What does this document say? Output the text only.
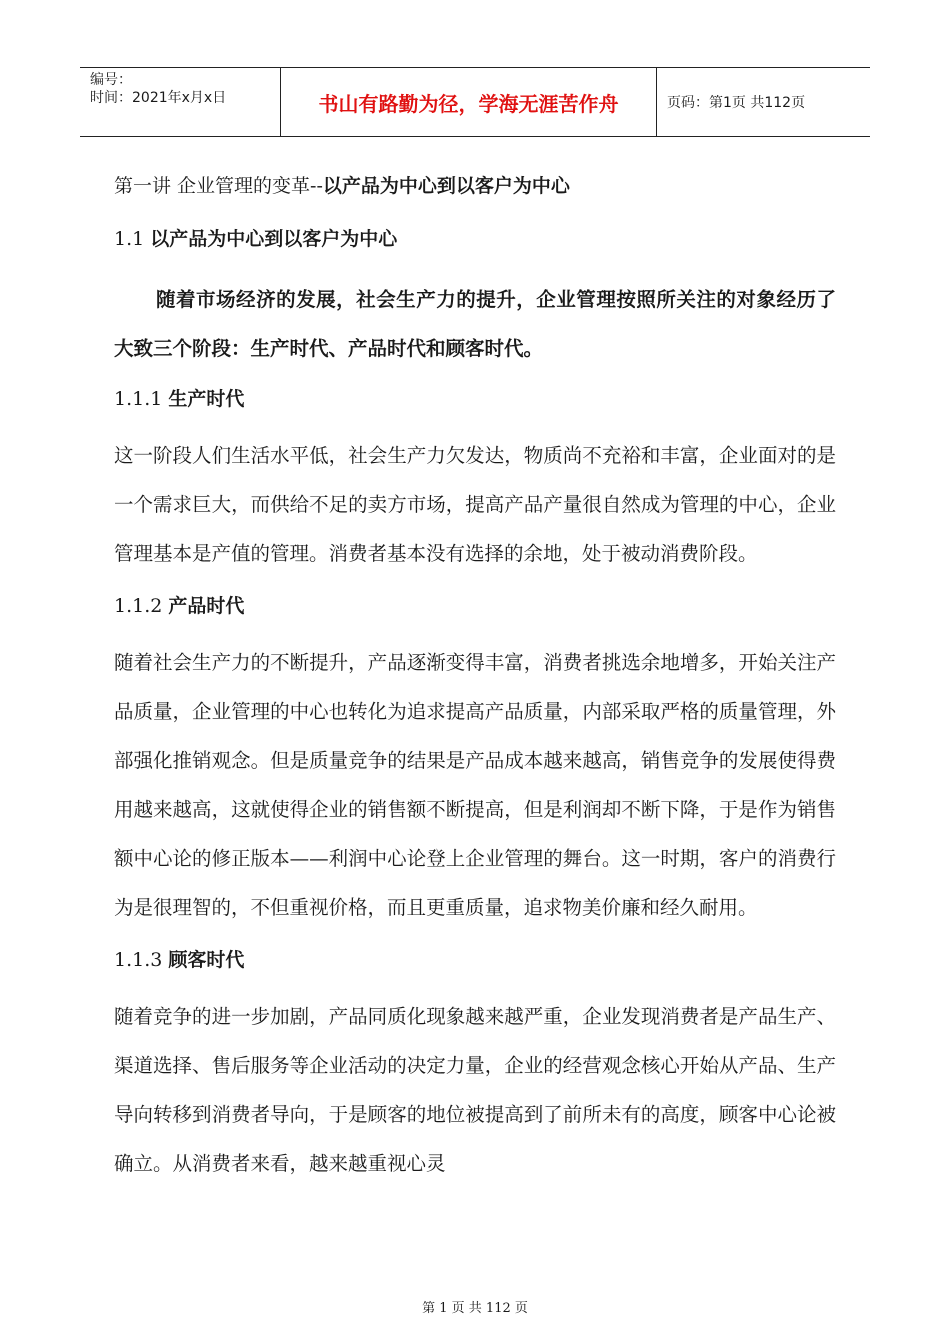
编号：
时间：2021年x月x日	书山有路勤为径，学海无涯苦作舟	页码：第1页 共112页

第一讲 企业管理的变革--以产品为中心到以客户为中心

1.1 以产品为中心到以客户为中心

随着市场经济的发展，社会生产力的提升，企业管理按照所关注的对象经历了大致三个阶段：生产时代、产品时代和顾客时代。

1.1.1 生产时代

这一阶段人们生活水平低，社会生产力欠发达，物质尚不充裕和丰富，企业面对的是一个需求巨大，而供给不足的卖方市场，提高产品产量很自然成为管理的中心，企业管理基本是产值的管理。消费者基本没有选择的余地，处于被动消费阶段。

1.1.2 产品时代

随着社会生产力的不断提升，产品逐渐变得丰富，消费者挑选余地增多，开始关注产品质量，企业管理的中心也转化为追求提高产品质量，内部采取严格的质量管理，外部强化推销观念。但是质量竞争的结果是产品成本越来越高，销售竞争的发展使得费用越来越高，这就使得企业的销售额不断提高，但是利润却不断下降，于是作为销售额中心论的修正版本——利润中心论登上企业管理的舞台。这一时期，客户的消费行为是很理智的，不但重视价格，而且更重质量，追求物美价廉和经久耐用。

1.1.3 顾客时代

随着竞争的进一步加剧，产品同质化现象越来越严重，企业发现消费者是产品生产、渠道选择、售后服务等企业活动的决定力量，企业的经营观念核心开始从产品、生产导向转移到消费者导向，于是顾客的地位被提高到了前所未有的高度，顾客中心论被确立。从消费者来看，越来越重视心灵

第 1 页 共 112 页
